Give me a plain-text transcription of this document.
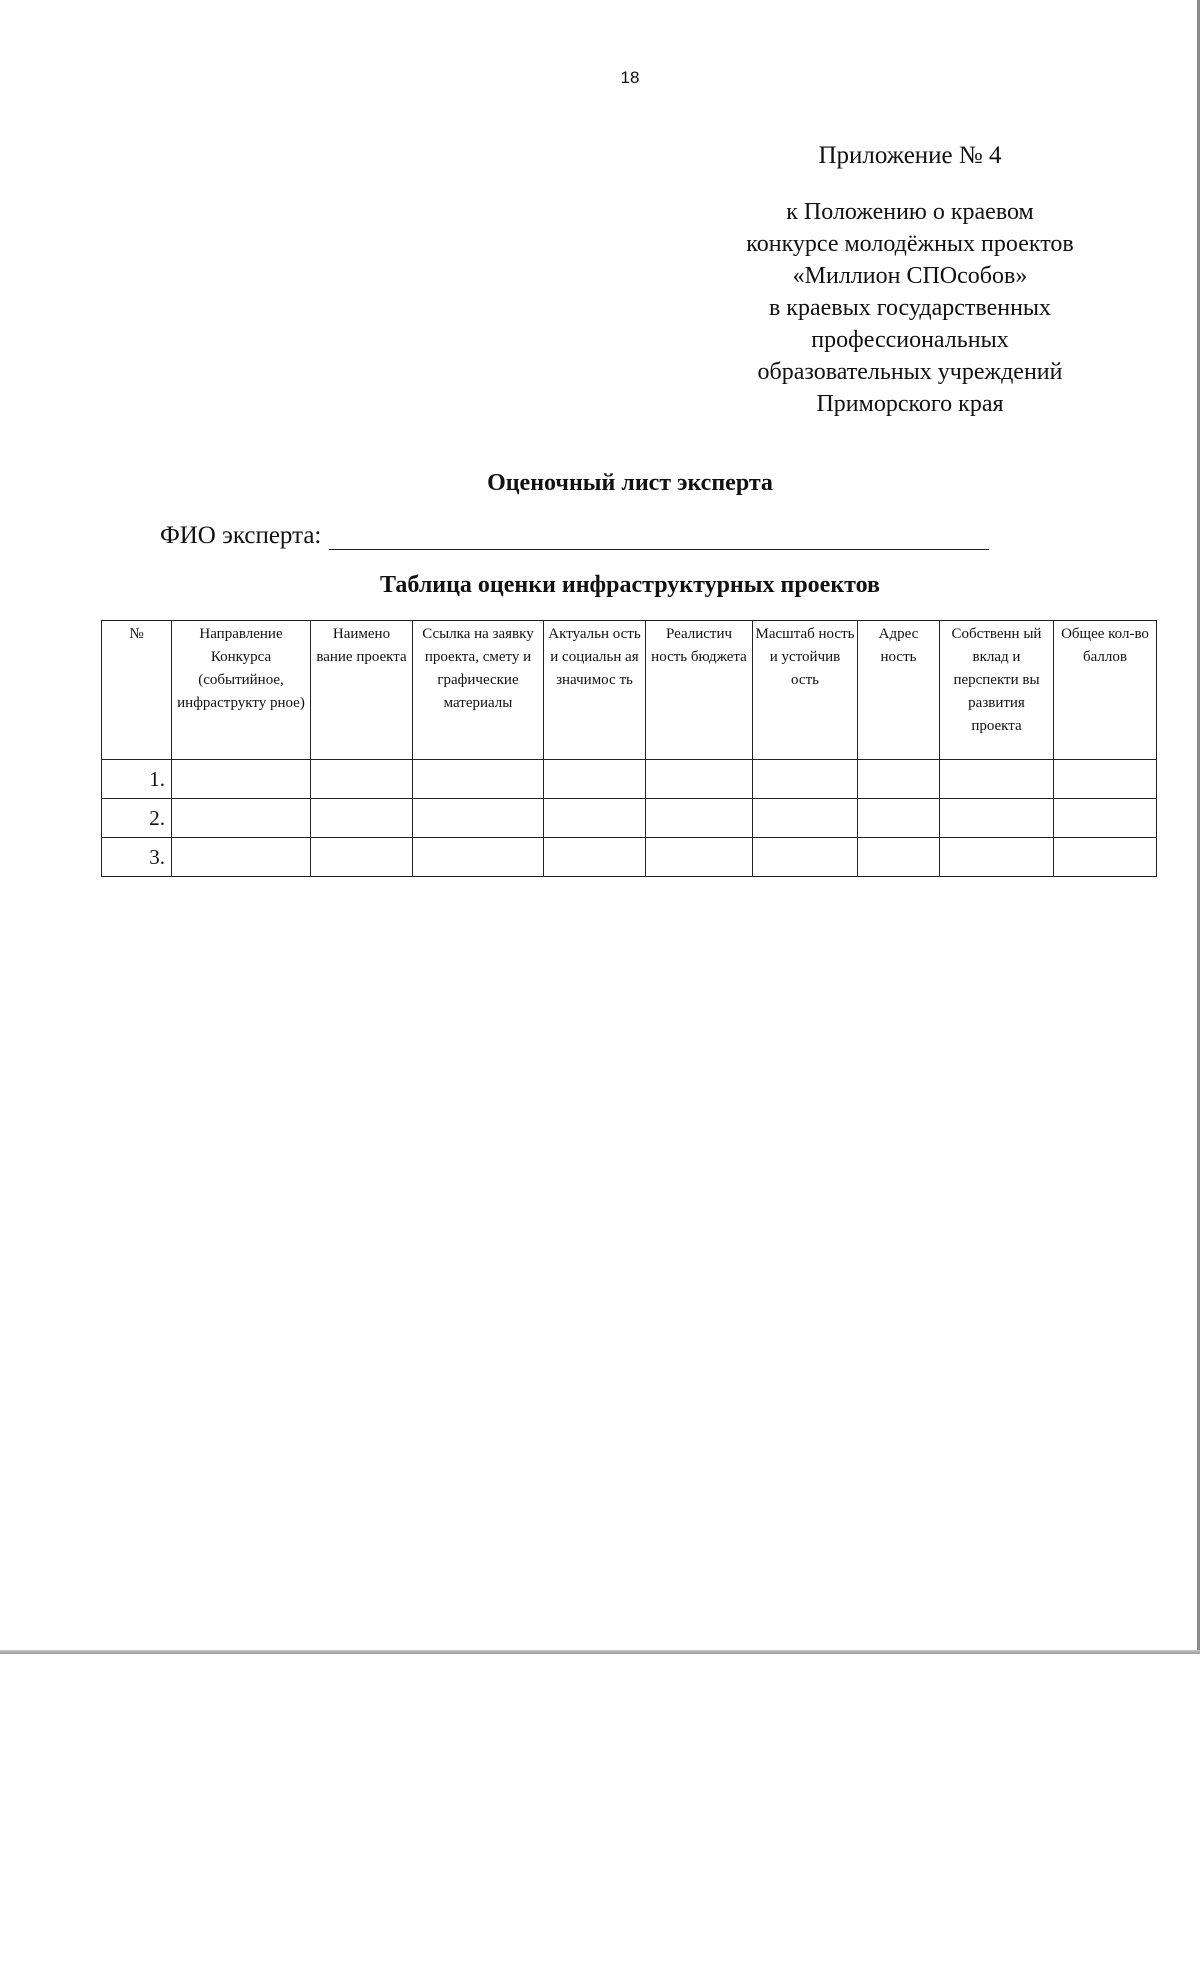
18
Приложение № 4
к Положению о краевом
конкурсе молодёжных проектов
«Миллион СПОсобов»
в краевых государственных
профессиональных
образовательных учреждений
Приморского края
Оценочный лист эксперта
ФИО эксперта:
Таблица оценки инфраструктурных проектов
№	Направление Конкурса (событийное, инфраструкту рное)	Наимено вание проекта	Ссылка на заявку проекта, смету и графические материалы	Актуальн ость и социальн ая значимос ть	Реалистич ность бюджета	Масштаб ность и устойчив ость	Адрес ность	Собственн ый вклад и перспекти вы развития проекта	Общее кол-во баллов
1.									
2.									
3.									
